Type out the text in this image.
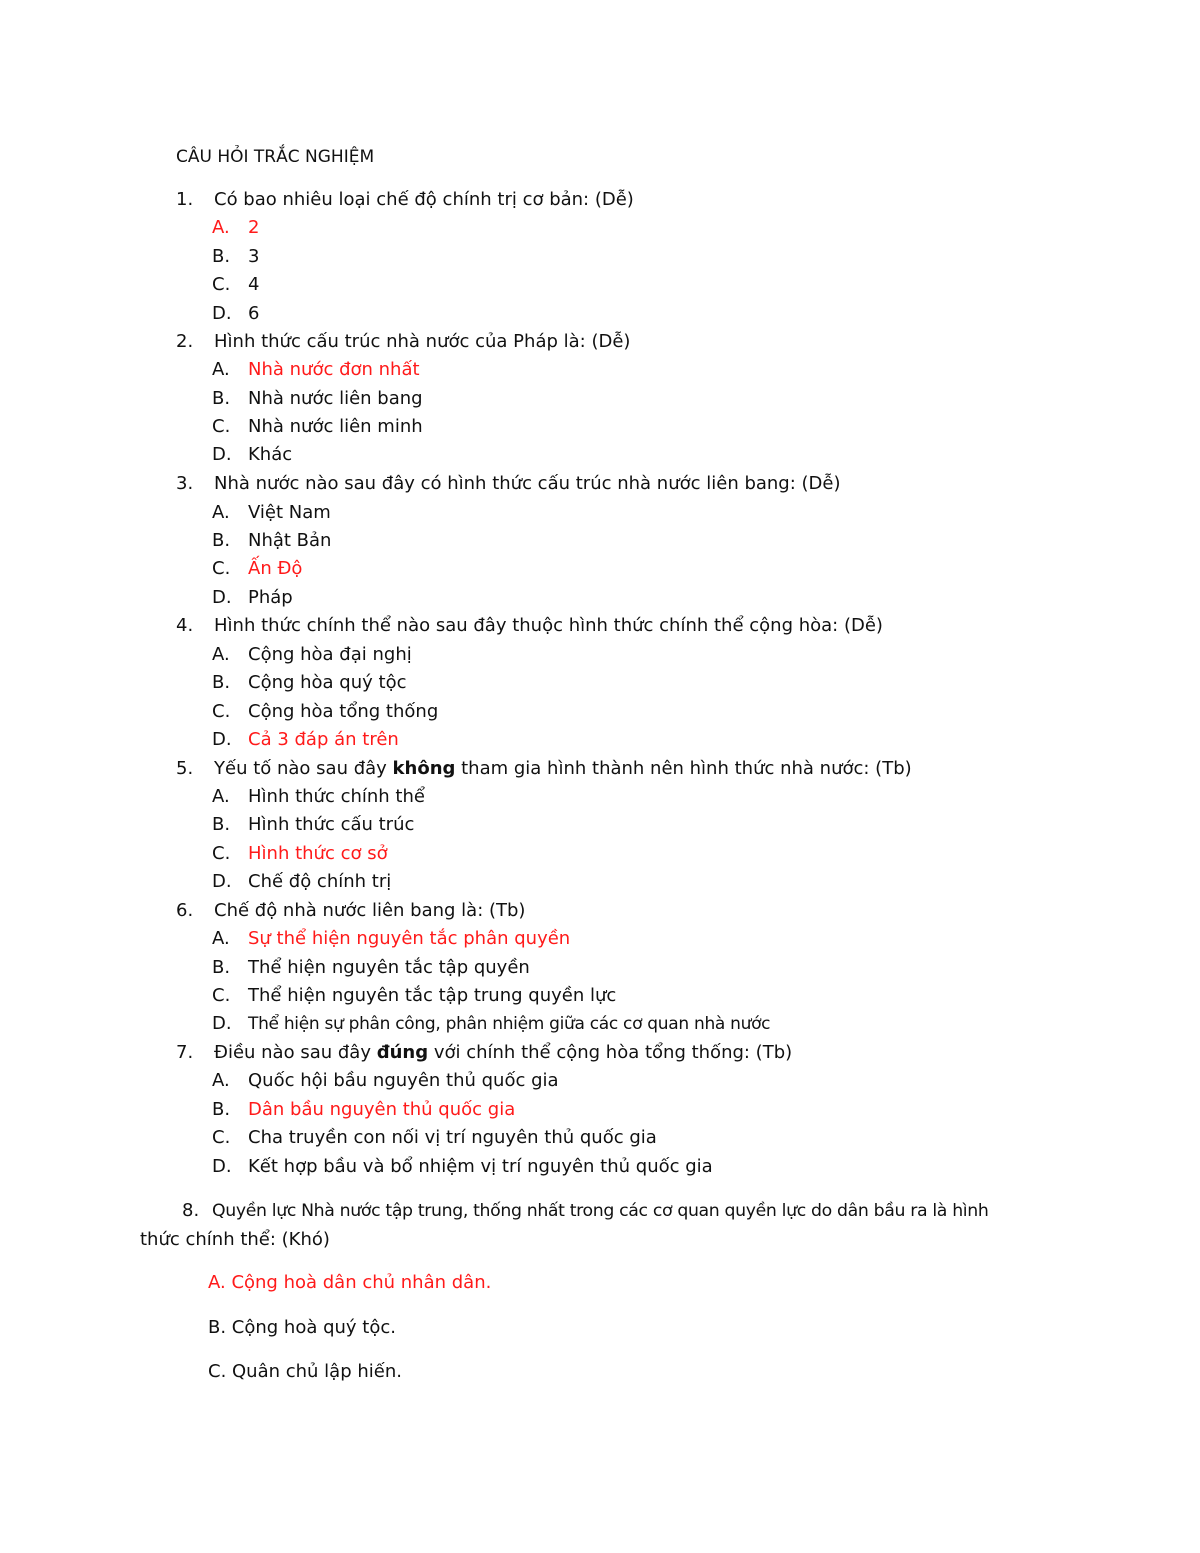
CÂU HỎI TRẮC NGHIỆM
1.	Có bao nhiêu loại chế độ chính trị cơ bản: (Dễ)
A. 2
B. 3
C. 4
D. 6
2.	Hình thức cấu trúc nhà nước của Pháp là: (Dễ)
A. Nhà nước đơn nhất
B. Nhà nước liên bang
C. Nhà nước liên minh
D. Khác
3.	Nhà nước nào sau đây có hình thức cấu trúc nhà nước liên bang: (Dễ)
A. Việt Nam
B. Nhật Bản
C. Ấn Độ
D. Pháp
4.	Hình thức chính thể nào sau đây thuộc hình thức chính thể cộng hòa: (Dễ)
A. Cộng hòa đại nghị
B. Cộng hòa quý tộc
C. Cộng hòa tổng thống
D. Cả 3 đáp án trên
5.	Yếu tố nào sau đây không tham gia hình thành nên hình thức nhà nước: (Tb)
A. Hình thức chính thể
B. Hình thức cấu trúc
C. Hình thức cơ sở
D. Chế độ chính trị
6.	Chế độ nhà nước liên bang là: (Tb)
A. Sự thể hiện nguyên tắc phân quyền
B. Thể hiện nguyên tắc tập quyền
C. Thể hiện nguyên tắc tập trung quyền lực
D. Thể hiện sự phân công, phân nhiệm giữa các cơ quan nhà nước
7.	Điều nào sau đây đúng với chính thể cộng hòa tổng thống: (Tb)
A. Quốc hội bầu nguyên thủ quốc gia
B. Dân bầu nguyên thủ quốc gia
C. Cha truyền con nối vị trí nguyên thủ quốc gia
D. Kết hợp bầu và bổ nhiệm vị trí nguyên thủ quốc gia
8. Quyền lực Nhà nước tập trung, thống nhất trong các cơ quan quyền lực do dân bầu ra là hình
thức chính thể: (Khó)
A. Cộng hoà dân chủ nhân dân.
B. Cộng hoà quý tộc.
C. Quân chủ lập hiến.
